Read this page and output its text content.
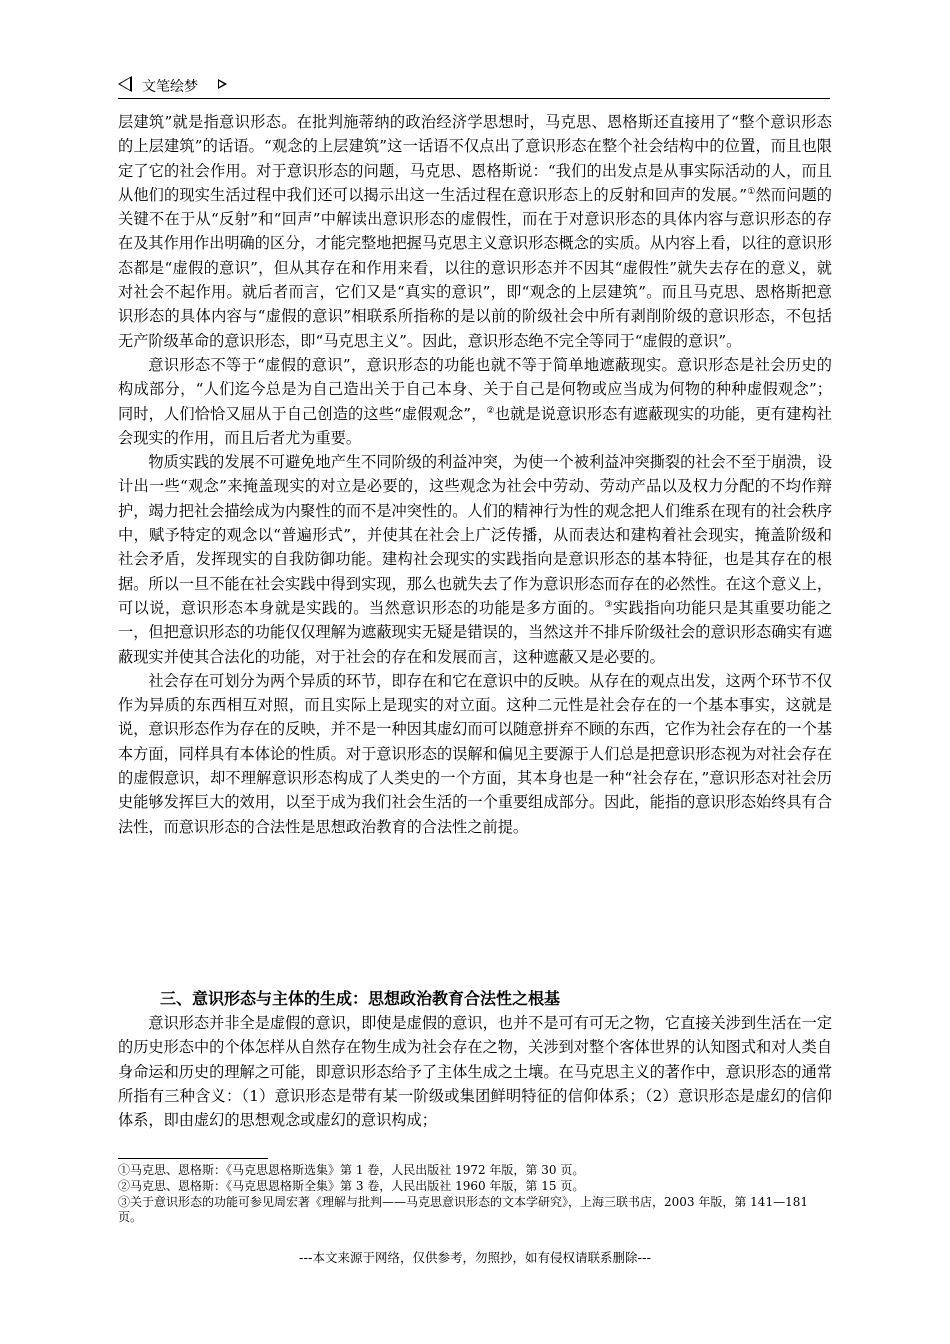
文笔绘梦

层建筑”就是指意识形态。在批判施蒂纳的政治经济学思想时，马克思、恩格斯还直接用了“整个意识形态的上层建筑”的话语。“观念的上层建筑”这一话语不仅点出了意识形态在整个社会结构中的位置，而且也限定了它的社会作用。对于意识形态的问题，马克思、恩格斯说：“我们的出发点是从事实际活动的人，而且从他们的现实生活过程中我们还可以揭示出这一生活过程在意识形态上的反射和回声的发展。”①然而问题的关键不在于从“反射”和“回声”中解读出意识形态的虚假性，而在于对意识形态的具体内容与意识形态的存在及其作用作出明确的区分，才能完整地把握马克思主义意识形态概念的实质。从内容上看，以往的意识形态都是“虚假的意识”，但从其存在和作用来看，以往的意识形态并不因其“虚假性”就失去存在的意义，就对社会不起作用。就后者而言，它们又是“真实的意识”，即“观念的上层建筑”。而且马克思、恩格斯把意识形态的具体内容与“虚假的意识”相联系所指称的是以前的阶级社会中所有剥削阶级的意识形态，不包括无产阶级革命的意识形态，即“马克思主义”。因此，意识形态绝不完全等同于“虚假的意识”。

意识形态不等于“虚假的意识”，意识形态的功能也就不等于简单地遮蔽现实。意识形态是社会历史的构成部分，“人们迄今总是为自己造出关于自己本身、关于自己是何物或应当成为何物的种种虚假观念”；同时，人们恰恰又屈从于自己创造的这些“虚假观念”，②也就是说意识形态有遮蔽现实的功能，更有建构社会现实的作用，而且后者尤为重要。

物质实践的发展不可避免地产生不同阶级的利益冲突，为使一个被利益冲突撕裂的社会不至于崩溃，设计出一些“观念”来掩盖现实的对立是必要的，这些观念为社会中劳动、劳动产品以及权力分配的不均作辩护，竭力把社会描绘成为内聚性的而不是冲突性的。人们的精神行为性的观念把人们维系在现有的社会秩序中，赋予特定的观念以“普遍形式”，并使其在社会上广泛传播，从而表达和建构着社会现实，掩盖阶级和社会矛盾，发挥现实的自我防御功能。建构社会现实的实践指向是意识形态的基本特征，也是其存在的根据。所以一旦不能在社会实践中得到实现，那么也就失去了作为意识形态而存在的必然性。在这个意义上，可以说，意识形态本身就是实践的。当然意识形态的功能是多方面的。③实践指向功能只是其重要功能之一，但把意识形态的功能仅仅理解为遮蔽现实无疑是错误的，当然这并不排斥阶级社会的意识形态确实有遮蔽现实并使其合法化的功能，对于社会的存在和发展而言，这种遮蔽又是必要的。

社会存在可划分为两个异质的环节，即存在和它在意识中的反映。从存在的观点出发，这两个环节不仅作为异质的东西相互对照，而且实际上是现实的对立面。这种二元性是社会存在的一个基本事实，这就是说，意识形态作为存在的反映，并不是一种因其虚幻而可以随意拼弃不顾的东西，它作为社会存在的一个基本方面，同样具有本体论的性质。对于意识形态的误解和偏见主要源于人们总是把意识形态视为对社会存在的虚假意识，却不理解意识形态构成了人类史的一个方面，其本身也是一种“社会存在，”意识形态对社会历史能够发挥巨大的效用，以至于成为我们社会生活的一个重要组成部分。因此，能指的意识形态始终具有合法性，而意识形态的合法性是思想政治教育的合法性之前提。

三、意识形态与主体的生成：思想政治教育合法性之根基

意识形态并非全是虚假的意识，即使是虚假的意识，也并不是可有可无之物，它直接关涉到生活在一定的历史形态中的个体怎样从自然存在物生成为社会存在之物，关涉到对整个客体世界的认知图式和对人类自身命运和历史的理解之可能，即意识形态给予了主体生成之土壤。在马克思主义的著作中，意识形态的通常所指有三种含义：（1）意识形态是带有某一阶级或集团鲜明特征的信仰体系；（2）意识形态是虚幻的信仰体系，即由虚幻的思想观念或虚幻的意识构成；

①马克思、恩格斯：《马克思恩格斯选集》第 1 卷，人民出版社 1972 年版，第 30 页。

②马克思、恩格斯：《马克思恩格斯全集》第 3 卷，人民出版社 1960 年版，第 15 页。

③关于意识形态的功能可参见周宏著《理解与批判——马克思意识形态的文本学研究》，上海三联书店，2003 年版，第 141—181 页。

---本文来源于网络，仅供参考，勿照抄，如有侵权请联系删除---
